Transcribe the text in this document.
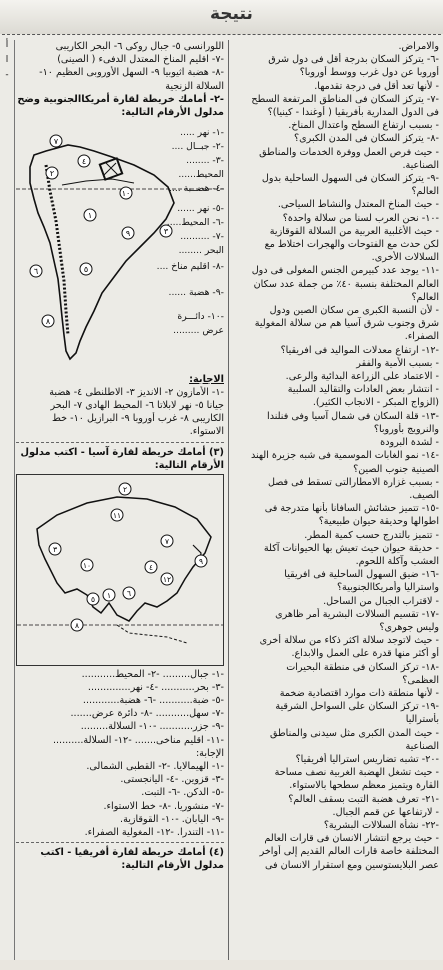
نتيجة
أ
ا
-
والامراض.
-٦- يتركز السكان بدرجة أقل فى دول شرق
أوروبا عن دول غرب ووسط أوروبا؟
- لأنها تعد أقل فى درجة تقدمها.
-٧- يتركز السكان فى المناطق المرتفعة السطح
فى الدول المدارية بأفريقيا ( أوغندا - كينيا)؟
- بسبب ارتفاع السطح واعتدال المناخ.
-٨- يتركز السكان فى المدن الكبرى؟
- حيث فرص العمل ووفرة الخدمات والمناطق
الصناعية.
-٩- يتركز السكان فى السهول الساحلية بدول
العالم؟
- حيث المناخ المعتدل والنشاط السياحى.
-١٠- نحن العرب لسنا من سلالة واحدة؟
- حيث الأغلبية العربية من السلالة القوقازية
لكن حدث مع الفتوحات والهجرات اختلاط مع
السلالات الأخرى.
-١١- يوجد عدد كبيرمن الجنس المغولى فى دول
العالم المختلفة بنسبة ٤٠٪ من جملة عدد سكان
العالم؟
- لأن النسبة الكبرى من سكان الصين ودول
شرق وجنوب شرق آسيا هم من سلالة المغولية
الصفراء.
-١٢- ارتفاع معدلات المواليد فى افريقيا؟
- بسبب الأمية والفقر
- الاعتماد على الزراعة البدائية والرعى.
- انتشار بعض العادات والتقاليد السلبية
(الزواج المبكر - الانجاب الكثير).
-١٣- قلة السكان فى شمال آسيا وفى فنلندا
والنرويج بأوروبا؟
- لشدة البرودة
-١٤- نمو الغابات الموسمية فى شبه جزيرة الهند
الصينية جنوب الصين؟
- بسبب غزارة الامطارالتى تسقط فى فصل
الصيف.
-١٥- تتميز حشائش السافانا بأنها متدرجة فى
اطوالها وحديقة حيوان طبيعية؟
- تتميز بالتدرج حسب كمية المطر.
- حديقة حيوان حيث تعيش بها الحيوانات آكلة
العشب وآكلة اللحوم.
-١٦- ضيق السهول الساحلية فى افريقيا
واستراليا وأمريكاالجنوبية؟
- لاقتراب الجبال من الساحل.
-١٧- تقسيم السلالات البشرية أمر ظاهرى
وليس جوهرى؟
- حيث لاتوجد سلالة اكثر ذكاء من سلالة أخرى
أو أكثر منها قدرة على العمل والابداع.
-١٨- تركز السكان فى منطقة البحيرات
العظمى؟
- لأنها منطقة ذات موارد اقتصادية ضخمة
-١٩- تركز السكان على السواحل الشرقية
بأستراليا
- حيث المدن الكبرى مثل سيدنى والمناطق
الصناعية
-٢٠- تشبه تضاريس استراليا أفريقيا؟
- حيث تشغل الهضبة الغربية نصف مساحة
القارة ويتميز معظم سطحها بالاستواء.
-٢١- تعرف هضبة التبت بسقف العالم؟
- لارتفاعها عن قمم الجبال.
-٢٢- نشأة السلالات البشرية؟
- حيث يرجع انتشار الانسان فى قارات العالم
المختلفة خاصة قارات العالم القديم إلى أواخر
عصر البلايستوسين ومع استقرار الانسان فى
اللورانسى ٥- جبال روكى ٦- البحر الكاريبى
-٧- اقليم المناخ المعتدل الدفىء ( الصينى)
-٨- هضبة اثيوبيا ٩- السهل الأوروبى العظيم ١٠-
السلالة الزنجية
-٢- أمامك خريطة لقارة أمريكاالجنوبية وضح
مدلول الأرقام التالية:
١
٢
٣
٤
٥
٦
٧
٨
٩
١٠
-١- نهر .....
-٢- جبــال ....
-٣- ........
المحيط......
-٤- هضــبة ....
-٥- نهر ......
-٦- المحيط.....
-٧- ..........
البحر ........
-٨- اقليم مناخ ....
-٩- هضبة ......
-١٠- دائـــرة
عرض .........
الاجابة:
-١- الأمازون ٢- الانديز ٣- الاطلنطى ٤- هضبة
جيانا ٥- نهر لابلاتا ٦- المحيط الهادى ٧- البحر
الكاريبى ٨- غرب أوروبا ٩- البرازيل ١٠- خط
الاستواء.
(٣) أمامك خريطة لقارة آسيا - اكتب مدلول
الأرقام التالية:
١
٢
٣
٤
٥
٦
٧
٨
٩
١٠
١١
١٢
-١- جبال......... -٢- المحيط...........
-٣- بحر........... -٤- نهر..............
-٥- ضبة........... -٦- هضبة............
-٧- سهل........... -٨- دائرة عرض.......
-٩- جزر........... -١٠- السلالة.........
-١١- اقليم مناخى....... -١٢- السلالة..........
الإجابة:
-١- الهيمالايا. -٢- القطبى الشمالى.
-٣- قزوين. -٤- اليانجستى.
-٥- الدكن. -٦- التبت.
-٧- منشوريا. -٨- خط الاستواء.
-٩- اليابان. -١٠- القوقازية.
-١١- التندرا. -١٢- المغولية الصفراء.
(٤) أمامك خريطة لقارة أفريقيا - اكتب
مدلول الأرقام التالية:
